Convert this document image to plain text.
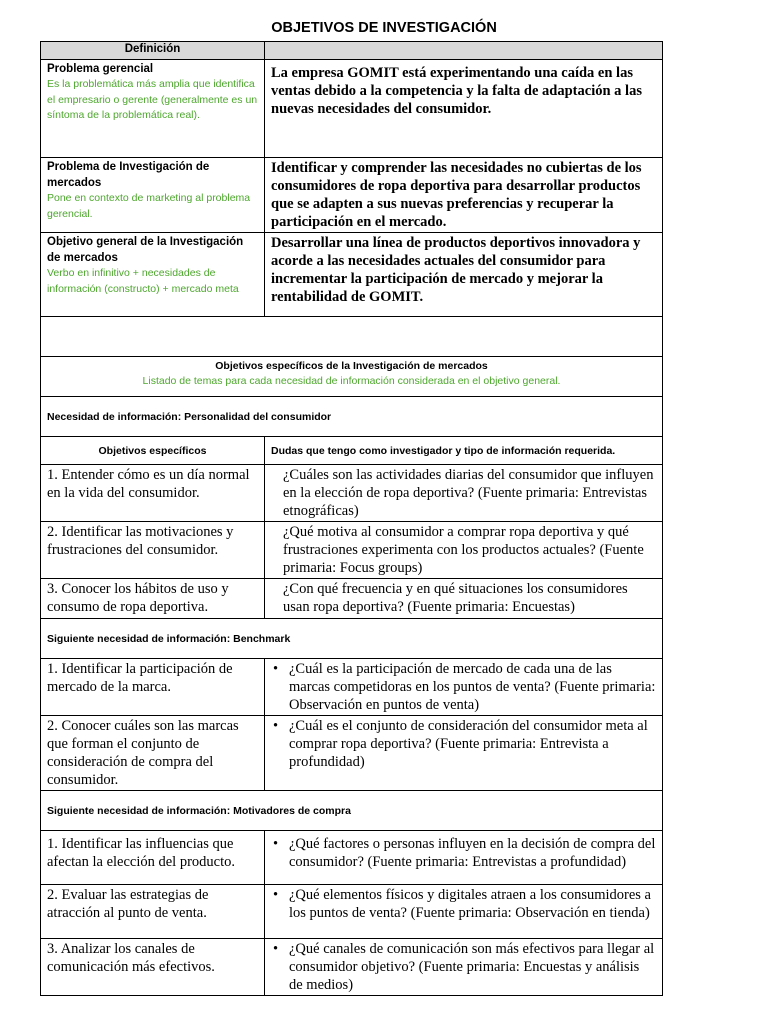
OBJETIVOS DE INVESTIGACIÓN
Definición	

Problema gerencial
Es la problemática más amplia que identifica el empresario o gerente (generalmente es un síntoma de la problemática real).	La empresa GOMIT está experimentando una caída en las ventas debido a la competencia y la falta de adaptación a las nuevas necesidades del consumidor.

Problema de Investigación de mercados
Pone en contexto de marketing al problema gerencial.	Identificar y comprender las necesidades no cubiertas de los consumidores de ropa deportiva para desarrollar productos que se adapten a sus nuevas preferencias y recuperar la participación en el mercado.

Objetivo general de la Investigación de mercados
Verbo en infinitivo + necesidades de información (constructo) + mercado meta	Desarrollar una línea de productos deportivos innovadora y acorde a las necesidades actuales del consumidor para incrementar la participación de mercado y mejorar la rentabilidad de GOMIT.

Objetivos específicos de la Investigación de mercados
Listado de temas para cada necesidad de información considerada en el objetivo general.	

Necesidad de información: Personalidad del consumidor	
Objetivos específicos	Dudas que tengo como investigador y tipo de información requerida.
1. Entender cómo es un día normal en la vida del consumidor.	¿Cuáles son las actividades diarias del consumidor que influyen en la elección de ropa deportiva? (Fuente primaria: Entrevistas etnográficas)
2. Identificar las motivaciones y frustraciones del consumidor.	¿Qué motiva al consumidor a comprar ropa deportiva y qué frustraciones experimenta con los productos actuales? (Fuente primaria: Focus groups)
3. Conocer los hábitos de uso y consumo de ropa deportiva.	¿Con qué frecuencia y en qué situaciones los consumidores usan ropa deportiva? (Fuente primaria: Encuestas)
Siguiente necesidad de información: Benchmark	
1. Identificar la participación de mercado de la marca.	• ¿Cuál es la participación de mercado de cada una de las marcas competidoras en los puntos de venta? (Fuente primaria: Observación en puntos de venta)

2. Conocer cuáles son las marcas que forman el conjunto de consideración de compra del consumidor.	• ¿Cuál es el conjunto de consideración del consumidor meta al comprar ropa deportiva? (Fuente primaria: Entrevista a profundidad)

Siguiente necesidad de información: Motivadores de compra	
1. Identificar las influencias que afectan la elección del producto.	• ¿Qué factores o personas influyen en la decisión de compra del consumidor? (Fuente primaria: Entrevistas a profundidad)

2. Evaluar las estrategias de atracción al punto de venta.	• ¿Qué elementos físicos y digitales atraen a los consumidores a los puntos de venta? (Fuente primaria: Observación en tienda)

3. Analizar los canales de comunicación más efectivos.	• ¿Qué canales de comunicación son más efectivos para llegar al consumidor objetivo? (Fuente primaria: Encuestas y análisis de medios)
